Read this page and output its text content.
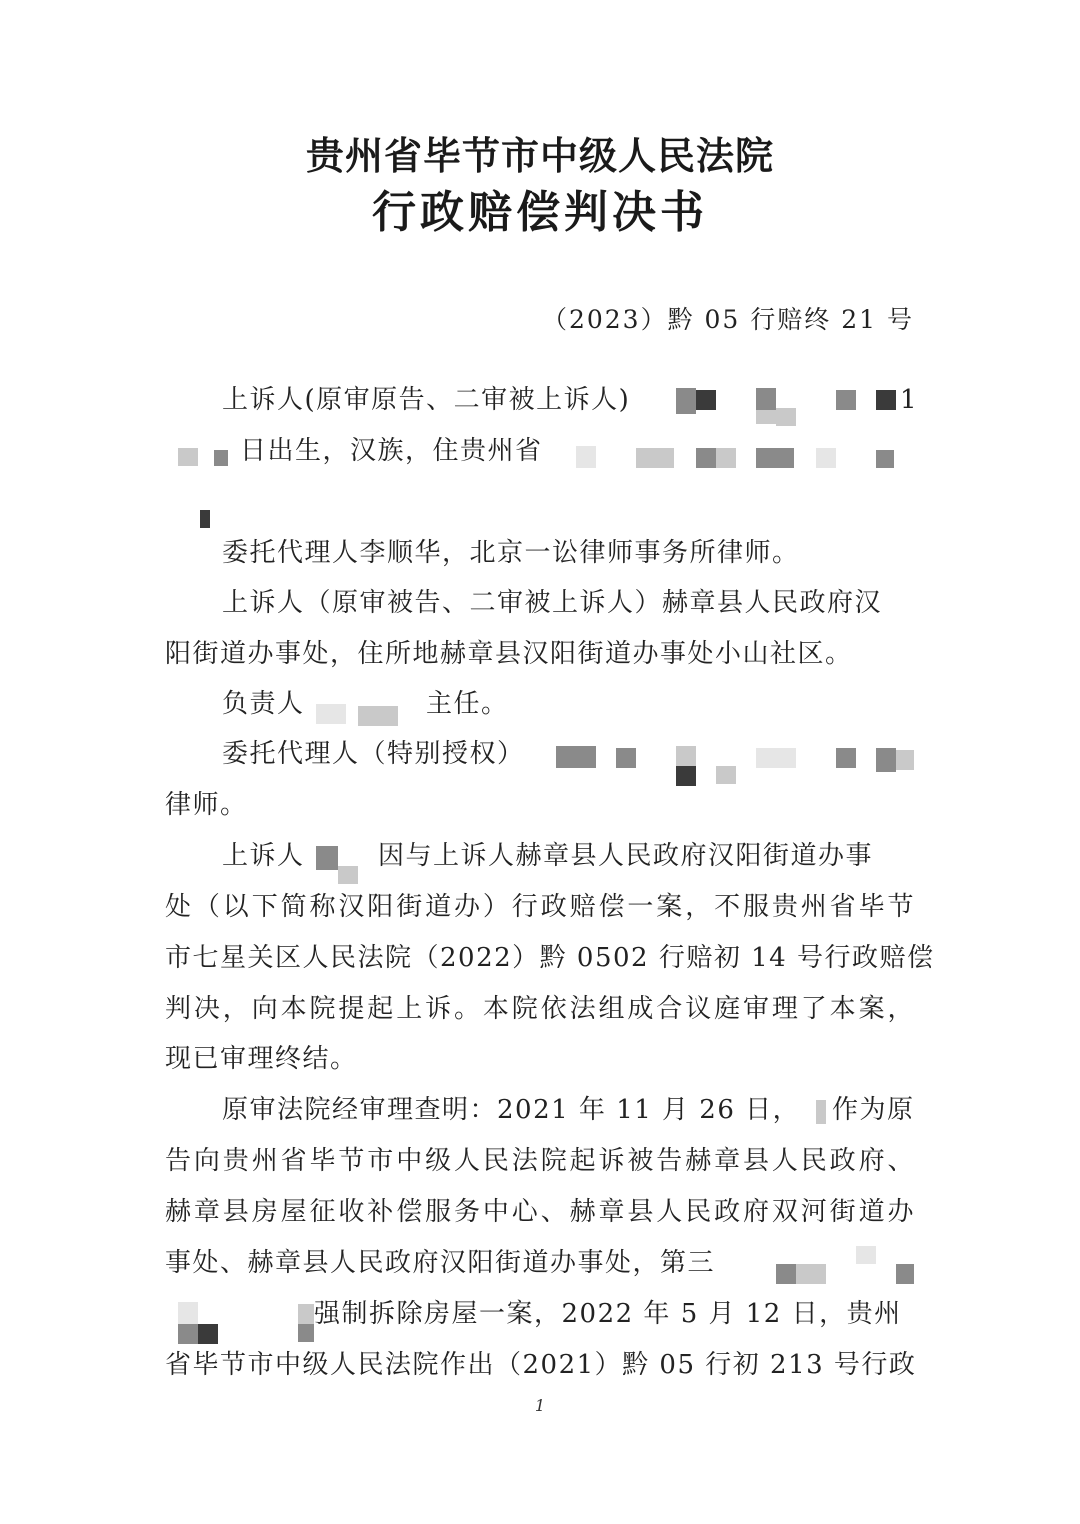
贵州省毕节市中级人民法院
行政赔偿判决书
（2023）黔 05 行赔终 21 号
上诉人(原审原告、二审被上诉人)	1
日出生，汉族，住贵州省
委托代理人李顺华，北京一讼律师事务所律师。
上诉人（原审被告、二审被上诉人）赫章县人民政府汉
阳街道办事处，住所地赫章县汉阳街道办事处小山社区。
负责人	主任。
委托代理人（特别授权）
律师。
上诉人	因与上诉人赫章县人民政府汉阳街道办事
处（以下简称汉阳街道办）行政赔偿一案，不服贵州省毕节
市七星关区人民法院（2022）黔 0502 行赔初 14 号行政赔偿
判决，向本院提起上诉。本院依法组成合议庭审理了本案，
现已审理终结。
原审法院经审理查明：2021 年 11 月 26 日， 作为原
告向贵州省毕节市中级人民法院起诉被告赫章县人民政府、
赫章县房屋征收补偿服务中心、赫章县人民政府双河街道办
事处、赫章县人民政府汉阳街道办事处，第三
强制拆除房屋一案，2022 年 5 月 12 日，贵州
省毕节市中级人民法院作出（2021）黔 05 行初 213 号行政
1
